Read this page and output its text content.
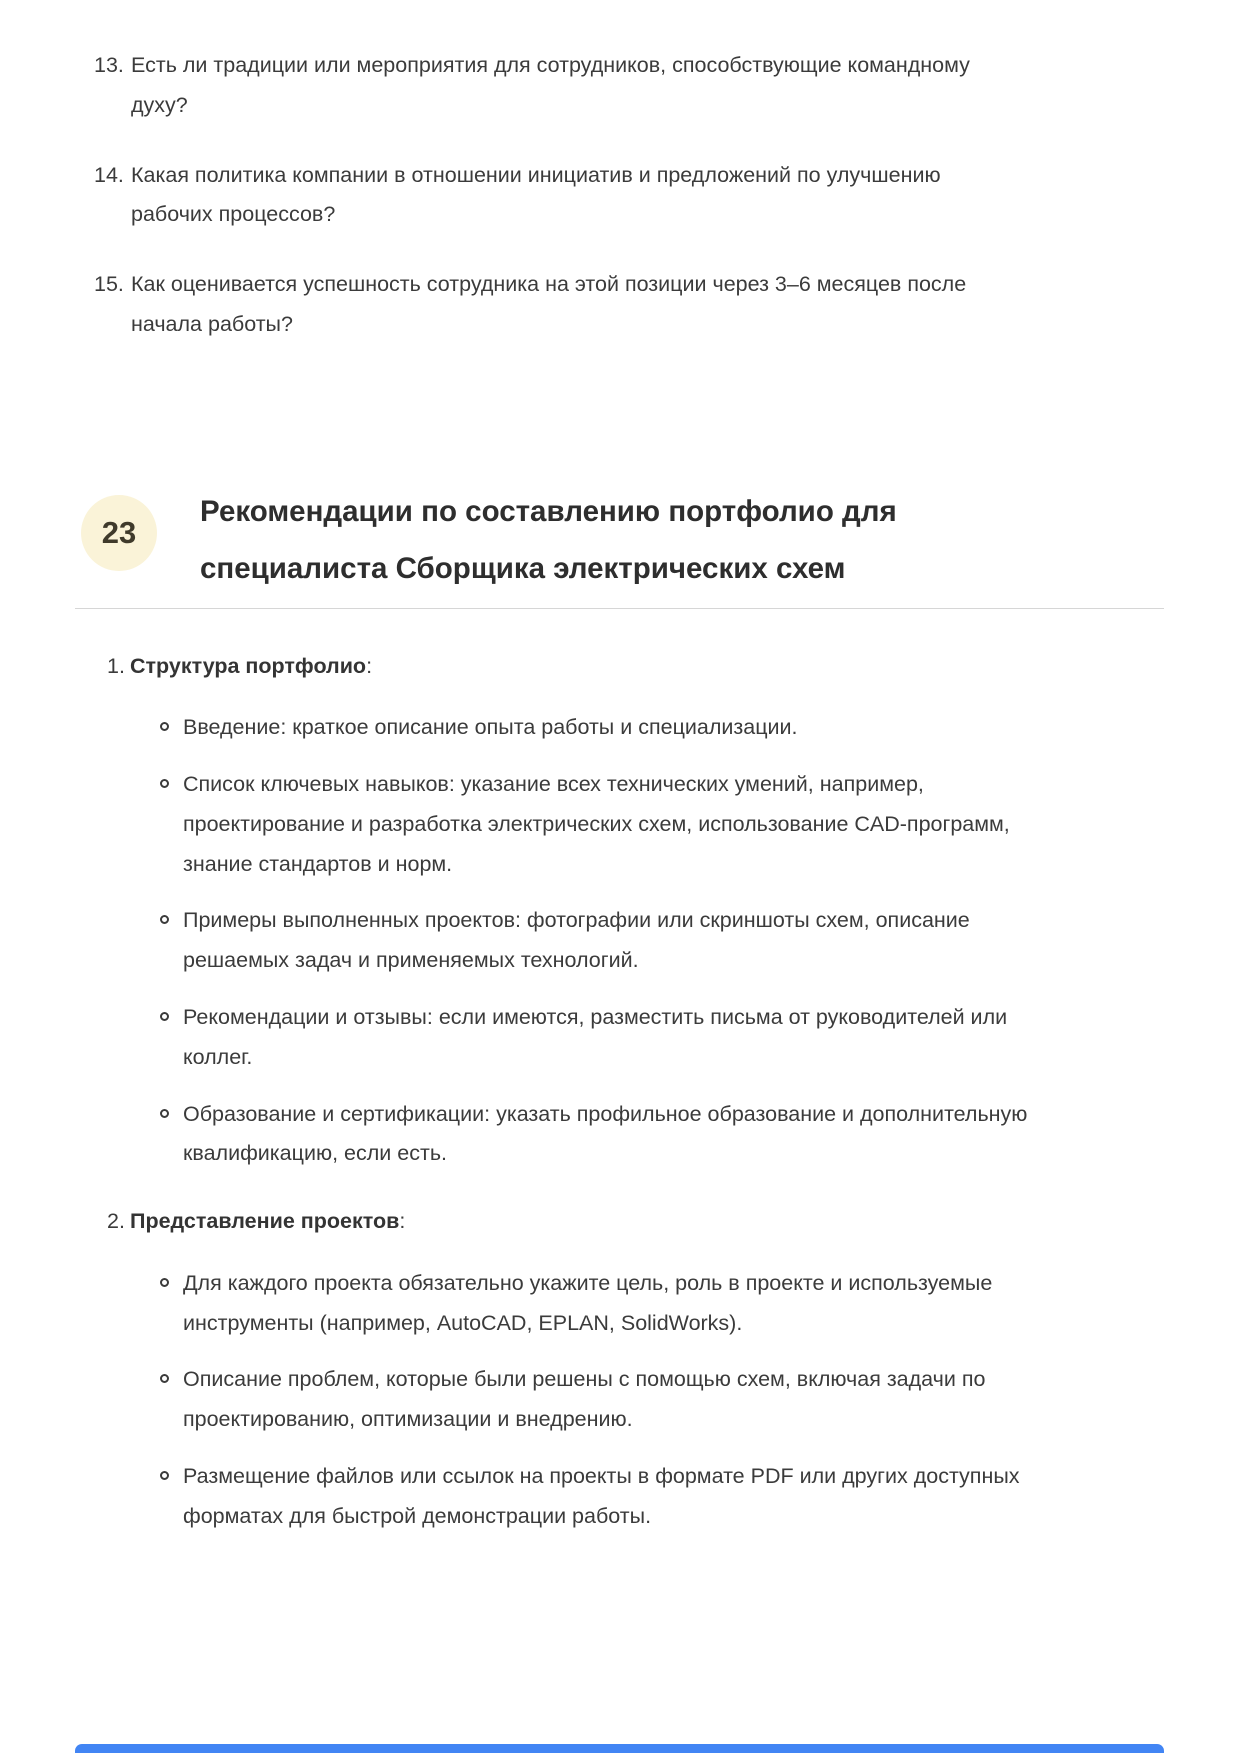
13. Есть ли традиции или мероприятия для сотрудников, способствующие командному духу?

14. Какая политика компании в отношении инициатив и предложений по улучшению рабочих процессов?

15. Как оценивается успешность сотрудника на этой позиции через 3–6 месяцев после начала работы?

23
Рекомендации по составлению портфолио для специалиста Сборщика электрических схем
1. Структура портфолио:

Введение: краткое описание опыта работы и специализации.

Список ключевых навыков: указание всех технических умений, например, проектирование и разработка электрических схем, использование CAD-программ, знание стандартов и норм.

Примеры выполненных проектов: фотографии или скриншоты схем, описание решаемых задач и применяемых технологий.

Рекомендации и отзывы: если имеются, разместить письма от руководителей или коллег.

Образование и сертификации: указать профильное образование и дополнительную квалификацию, если есть.

2. Представление проектов:

Для каждого проекта обязательно укажите цель, роль в проекте и используемые инструменты (например, AutoCAD, EPLAN, SolidWorks).

Описание проблем, которые были решены с помощью схем, включая задачи по проектированию, оптимизации и внедрению.

Размещение файлов или ссылок на проекты в формате PDF или других доступных форматах для быстрой демонстрации работы.
